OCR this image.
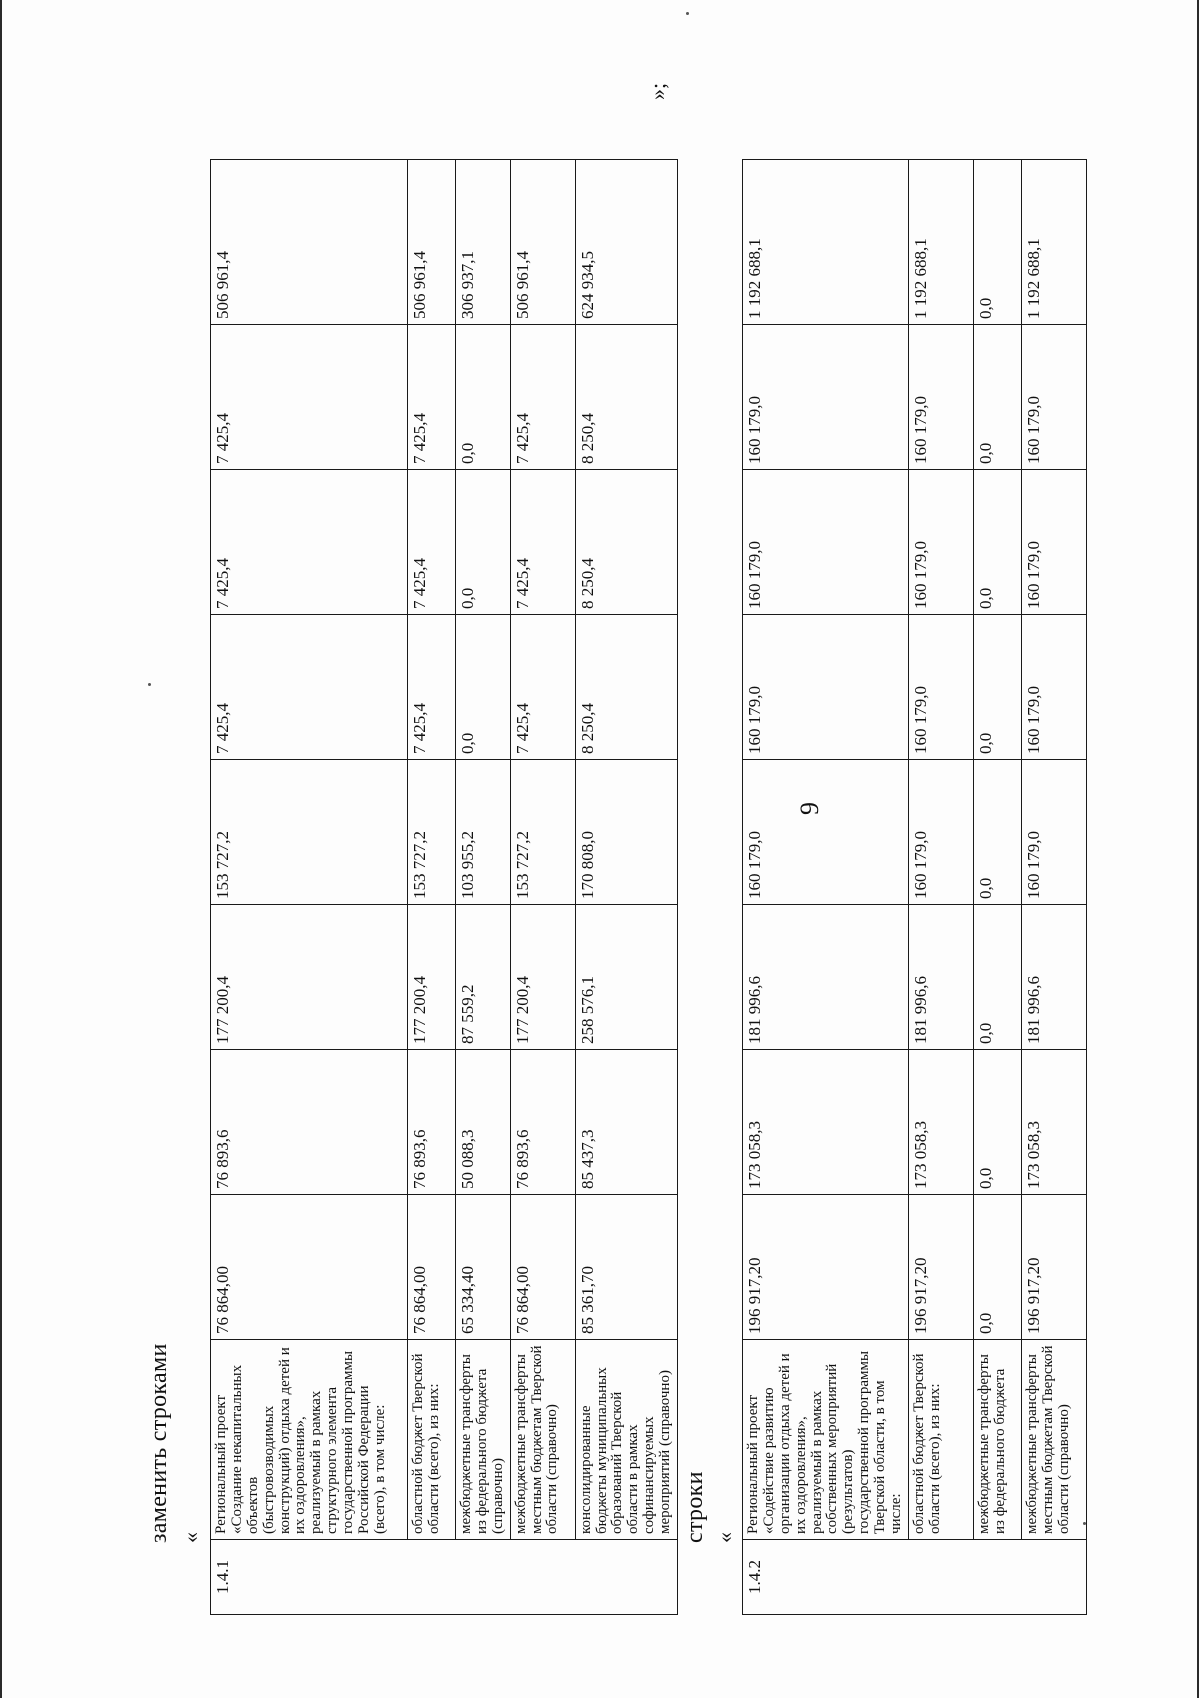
9
заменить строками «
1.4.1	Региональный проект «Создание некапитальных объектов (быстровозводимых конструкций) отдыха детей и их оздоровления», реализуемый в рамках структурного элемента государственной программы Российской Федерации (всего), в том числе:	76 864,00	76 893,6	177 200,4	153 727,2	7 425,4	7 425,4	7 425,4	506 961,4
	областной бюджет Тверской области (всего), из них:	76 864,00	76 893,6	177 200,4	153 727,2	7 425,4	7 425,4	7 425,4	506 961,4
	межбюджетные трансферты из федерального бюджета (справочно)	65 334,40	50 088,3	87 559,2	103 955,2	0,0	0,0	0,0	306 937,1
	межбюджетные трансферты местным бюджетам Тверской области (справочно)	76 864,00	76 893,6	177 200,4	153 727,2	7 425,4	7 425,4	7 425,4	506 961,4
	консолидированные бюджеты муниципальных образований Тверской области в рамках софинансируемых мероприятий (справочно)	85 361,70	85 437,3	258 576,1	170 808,0	8 250,4	8 250,4	8 250,4	624 934,5
»;
строки «
1.4.2	Региональный проект «Содействие развитию организации отдыха детей и их оздоровления», реализуемый в рамках собственных мероприятий (результатов) государственной программы Тверской области, в том числе:	196 917,20	173 058,3	181 996,6	160 179,0	160 179,0	160 179,0	160 179,0	1 192 688,1
	областной бюджет Тверской области (всего), из них:	196 917,20	173 058,3	181 996,6	160 179,0	160 179,0	160 179,0	160 179,0	1 192 688,1
	межбюджетные трансферты из федерального бюджета	0,0	0,0	0,0	0,0	0,0	0,0	0,0	0,0
	межбюджетные трансферты местным бюджетам Тверской области (справочно)	196 917,20	173 058,3	181 996,6	160 179,0	160 179,0	160 179,0	160 179,0	1 192 688,1
